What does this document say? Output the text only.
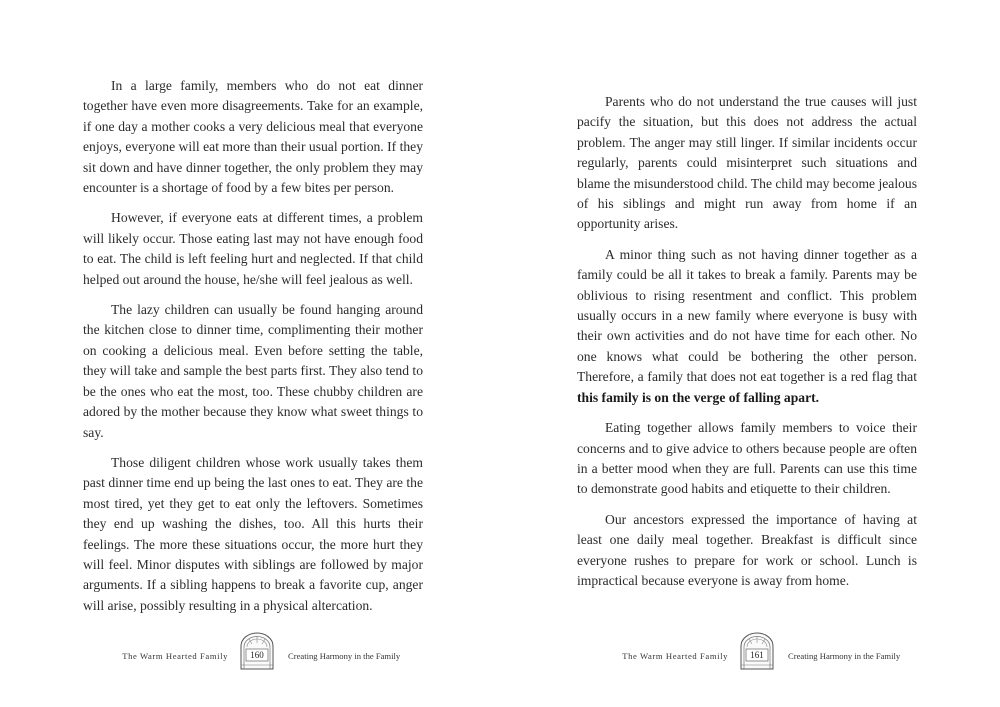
In a large family, members who do not eat dinner together have even more disagreements. Take for an example, if one day a mother cooks a very delicious meal that everyone enjoys, everyone will eat more than their usual portion. If they sit down and have dinner together, the only problem they may encounter is a shortage of food by a few bites per person.

However, if everyone eats at different times, a problem will likely occur. Those eating last may not have enough food to eat. The child is left feeling hurt and neglected. If that child helped out around the house, he/she will feel jealous as well.

The lazy children can usually be found hanging around the kitchen close to dinner time, complimenting their mother on cooking a delicious meal. Even before setting the table, they will take and sample the best parts first. They also tend to be the ones who eat the most, too. These chubby children are adored by the mother because they know what sweet things to say.

Those diligent children whose work usually takes them past dinner time end up being the last ones to eat. They are the most tired, yet they get to eat only the leftovers. Sometimes they end up washing the dishes, too. All this hurts their feelings. The more these situations occur, the more hurt they will feel. Minor disputes with siblings are followed by major arguments. If a sibling happens to break a favorite cup, anger will arise, possibly resulting in a physical altercation.

The Warm Hearted Family	160	Creating Harmony in the Family

Parents who do not understand the true causes will just pacify the situation, but this does not address the actual problem. The anger may still linger. If similar incidents occur regularly, parents could misinterpret such situations and blame the misunderstood child. The child may become jealous of his siblings and might run away from home if an opportunity arises.

A minor thing such as not having dinner together as a family could be all it takes to break a family. Parents may be oblivious to rising resentment and conflict. This problem usually occurs in a new family where everyone is busy with their own activities and do not have time for each other. No one knows what could be bothering the other person. Therefore, a family that does not eat together is a red flag that this family is on the verge of falling apart.

Eating together allows family members to voice their concerns and to give advice to others because people are often in a better mood when they are full. Parents can use this time to demonstrate good habits and etiquette to their children.

Our ancestors expressed the importance of having at least one daily meal together. Breakfast is difficult since everyone rushes to prepare for work or school. Lunch is impractical because everyone is away from home.

The Warm Hearted Family	161	Creating Harmony in the Family
